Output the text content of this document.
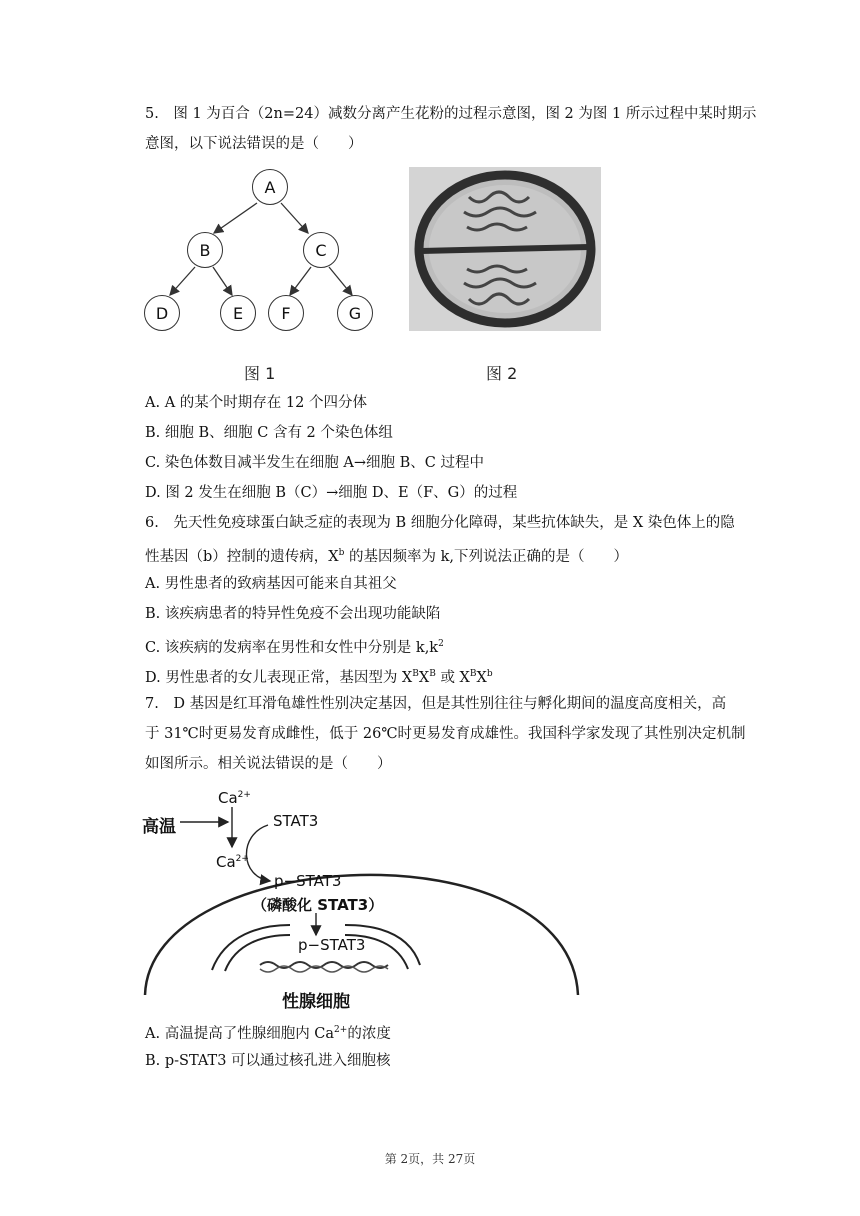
5.　图 1 为百合（2n=24）减数分离产生花粉的过程示意图，图 2 为图 1 所示过程中某时期示
意图，以下说法错误的是（　　）
A
B	C
D	E	F	G
图 1	图 2
A. A 的某个时期存在 12 个四分体
B. 细胞 B、细胞 C 含有 2 个染色体组
C. 染色体数目减半发生在细胞 A→细胞 B、C 过程中
D. 图 2 发生在细胞 B（C）→细胞 D、E（F、G）的过程
6.　先天性免疫球蛋白缺乏症的表现为 B 细胞分化障碍，某些抗体缺失，是 X 染色体上的隐
性基因（b）控制的遗传病，$X^b$ 的基因频率为 k,下列说法正确的是（　　）
A. 男性患者的致病基因可能来自其祖父
B. 该疾病患者的特异性免疫不会出现功能缺陷
C. 该疾病的发病率在男性和女性中分别是 $k,k^2$
D. 男性患者的女儿表现正常，基因型为 $X^BX^B$ 或 $X^BX^b$
7.　D 基因是红耳滑龟雄性性别决定基因，但是其性别往往与孵化期间的温度高度相关，高
于 31℃时更易发育成雌性，低于 26℃时更易发育成雄性。我国科学家发现了其性别决定机制
如图所示。相关说法错误的是（　　）
高温
$Ca^{2+}$
$Ca^{2+}$
STAT3
p−STAT3
（磷酸化 STAT3）
p−STAT3
性腺细胞
A. 高温提高了性腺细胞内 $Ca^{2+}$的浓度
B. p-STAT3 可以通过核孔进入细胞核
第 2页，共 27页
